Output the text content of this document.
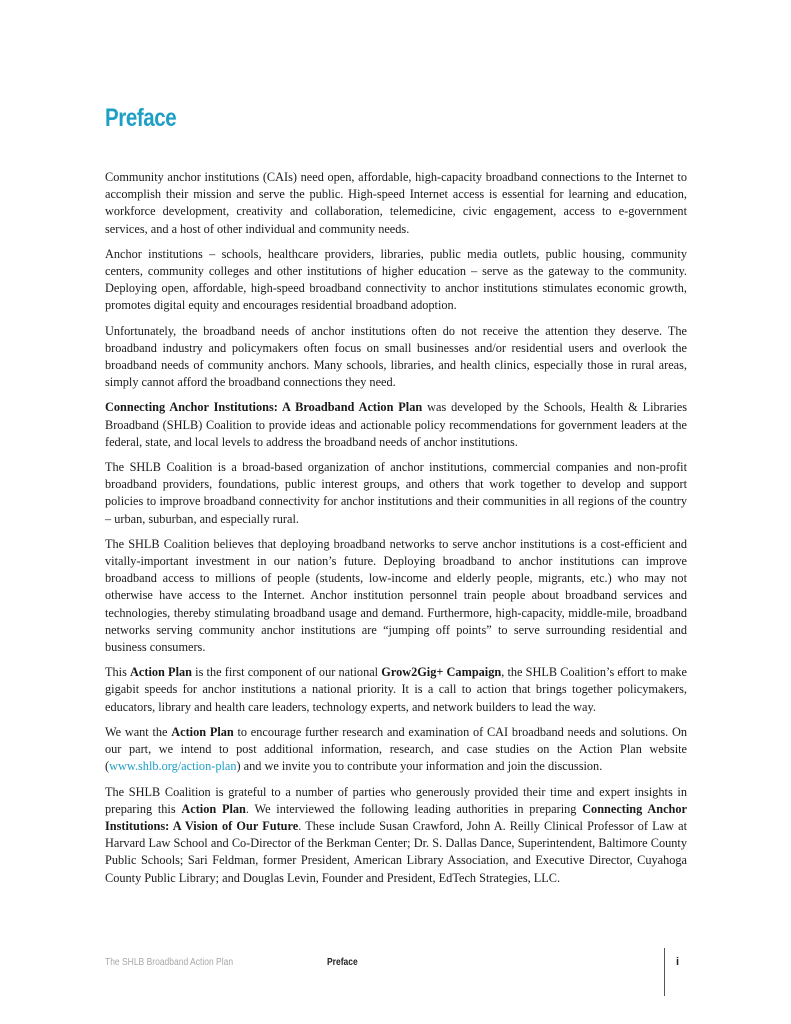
Preface

Community anchor institutions (CAIs) need open, affordable, high-capacity broadband connections to the Internet to accomplish their mission and serve the public. High-speed Internet access is essential for learning and education, workforce development, creativity and collaboration, telemedicine, civic engagement, access to e-government services, and a host of other individual and community needs.

Anchor institutions – schools, healthcare providers, libraries, public media outlets, public housing, community centers, community colleges and other institutions of higher education – serve as the gateway to the community. Deploying open, affordable, high-speed broadband connectivity to anchor institutions stimulates economic growth, promotes digital equity and encourages residential broadband adoption.

Unfortunately, the broadband needs of anchor institutions often do not receive the attention they deserve. The broadband industry and policymakers often focus on small businesses and/or residential users and overlook the broadband needs of community anchors. Many schools, libraries, and health clinics, especially those in rural areas, simply cannot afford the broadband connections they need.

Connecting Anchor Institutions: A Broadband Action Plan was developed by the Schools, Health & Libraries Broadband (SHLB) Coalition to provide ideas and actionable policy recommendations for government leaders at the federal, state, and local levels to address the broadband needs of anchor institutions.

The SHLB Coalition is a broad-based organization of anchor institutions, commercial companies and non-profit broadband providers, foundations, public interest groups, and others that work together to develop and support policies to improve broadband connectivity for anchor institutions and their communities in all regions of the country – urban, suburban, and especially rural.

The SHLB Coalition believes that deploying broadband networks to serve anchor institutions is a cost-efficient and vitally-important investment in our nation’s future. Deploying broadband to anchor institutions can improve broadband access to millions of people (students, low-income and elderly people, migrants, etc.) who may not otherwise have access to the Internet. Anchor institution personnel train people about broadband services and technologies, thereby stimulating broadband usage and demand. Furthermore, high-capacity, middle-mile, broadband networks serving community anchor institutions are “jumping off points” to serve surrounding residential and business consumers.

This Action Plan is the first component of our national Grow2Gig+ Campaign, the SHLB Coalition’s effort to make gigabit speeds for anchor institutions a national priority. It is a call to action that brings together policymakers, educators, library and health care leaders, technology experts, and network builders to lead the way.

We want the Action Plan to encourage further research and examination of CAI broadband needs and solutions. On our part, we intend to post additional information, research, and case studies on the Action Plan website (www.shlb.org/action-plan) and we invite you to contribute your information and join the discussion.

The SHLB Coalition is grateful to a number of parties who generously provided their time and expert insights in preparing this Action Plan. We interviewed the following leading authorities in preparing Connecting Anchor Institutions: A Vision of Our Future. These include Susan Crawford, John A. Reilly Clinical Professor of Law at Harvard Law School and Co-Director of the Berkman Center; Dr. S. Dallas Dance, Superintendent, Baltimore County Public Schools; Sari Feldman, former President, American Library Association, and Executive Director, Cuyahoga County Public Library; and Douglas Levin, Founder and President, EdTech Strategies, LLC.

The SHLB Broadband Action Plan	Preface	i
